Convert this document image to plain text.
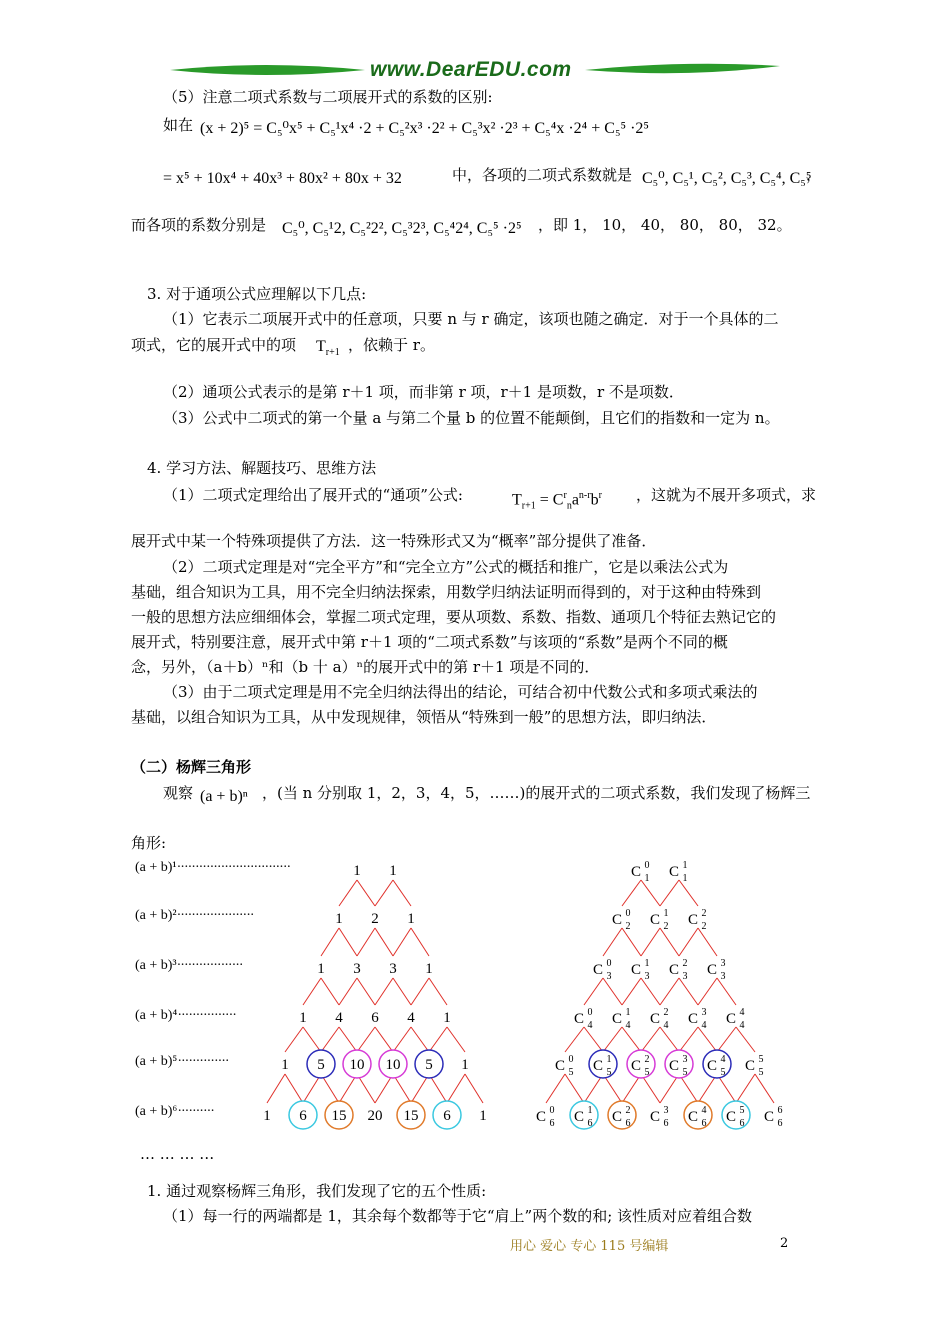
www.DearEDU.com
（5）注意二项式系数与二项展开式的系数的区别:
如在 (x + 2)⁵ = C₅⁰x⁵ + C₅¹x⁴ ·2 + C₅²x³ ·2² + C₅³x² ·2³ + C₅⁴x ·2⁴ + C₅⁵ ·2⁵
= x⁵ + 10x⁴ + 40x³ + 80x² + 80x + 32	中，各项的二项式系数就是 C₅⁰, C₅¹, C₅², C₅³, C₅⁴, C₅⁵
，
而各项的系数分别是 C₅⁰, C₅¹2, C₅²2², C₅³2³, C₅⁴2⁴, C₅⁵ ·2⁵ ，即 1， 10， 40， 80， 80， 32。
3. 对于通项公式应理解以下几点:
（1）它表示二项展开式中的任意项，只要 n 与 r 确定，该项也随之确定．对于一个具体的二
项式，它的展开式中的项 $T_{r+1}$ ，依赖于 r。
（2）通项公式表示的是第 r＋1 项，而非第 r 项，r＋1 是项数，r 不是项数．
（3）公式中二项式的第一个量 a 与第二个量 b 的位置不能颠倒，且它们的指数和一定为 n。
4. 学习方法、解题技巧、思维方法
（1）二项式定理给出了展开式的“通项”公式:	$T_{r+1} = C^r_na^{n-r}b^r$ ，这就为不展开多项式，求
展开式中某一个特殊项提供了方法．这一特殊形式又为“概率”部分提供了准备．
（2）二项式定理是对“完全平方”和“完全立方”公式的概括和推广，它是以乘法公式为
基础，组合知识为工具，用不完全归纳法探索，用数学归纳法证明而得到的，对于这种由特殊到
一般的思想方法应细细体会，掌握二项式定理，要从项数、系数、指数、通项几个特征去熟记它的
展开式，特别要注意，展开式中第 r＋1 项的“二项式系数”与该项的“系数”是两个不同的概
念，另外，（a＋b）ⁿ和（b 十 a）ⁿ的展开式中的第 r＋1 项是不同的．
（3）由于二项式定理是用不完全归纳法得出的结论，可结合初中代数公式和多项式乘法的
基础，以组合知识为工具，从中发现规律，领悟从“特殊到一般”的思想方法，即归纳法．
（二）杨辉三角形
观察 (a + b)ⁿ ，(当 n 分别取 1，2，3，4，5，……)的展开式的二项式系数，我们发现了杨辉三
角形:
(a + b)¹·······························
(a + b)²·····················
(a + b)³··················
(a + b)⁴················
(a + b)⁵··············
(a + b)⁶··········
… … … …
1 1
1 2 1
1 3 3 1
1 4 6 4 1
1 5 10 10 5 1
1 6 15 20 15 6 1
C 0
1 C 1
1
C 0
2 C 1
2 C 2
2
C 0
3 C 1
3 C 2
3 C 3
3
C 0
4 C 1
4 C 2
4 C 3
4 C 4
4
C 0
5 C 1
5 C 2
5 C 3
5 C 4
5 C 5
5
C 0
6 C 1
6 C 2
6 C 3
6 C 4
6 C 5
6 C 6
6
1. 通过观察杨辉三角形，我们发现了它的五个性质:
（1）每一行的两端都是 1，其余每个数都等于它“肩上”两个数的和; 该性质对应着组合数
用心 爱心 专心 115 号编辑	2
